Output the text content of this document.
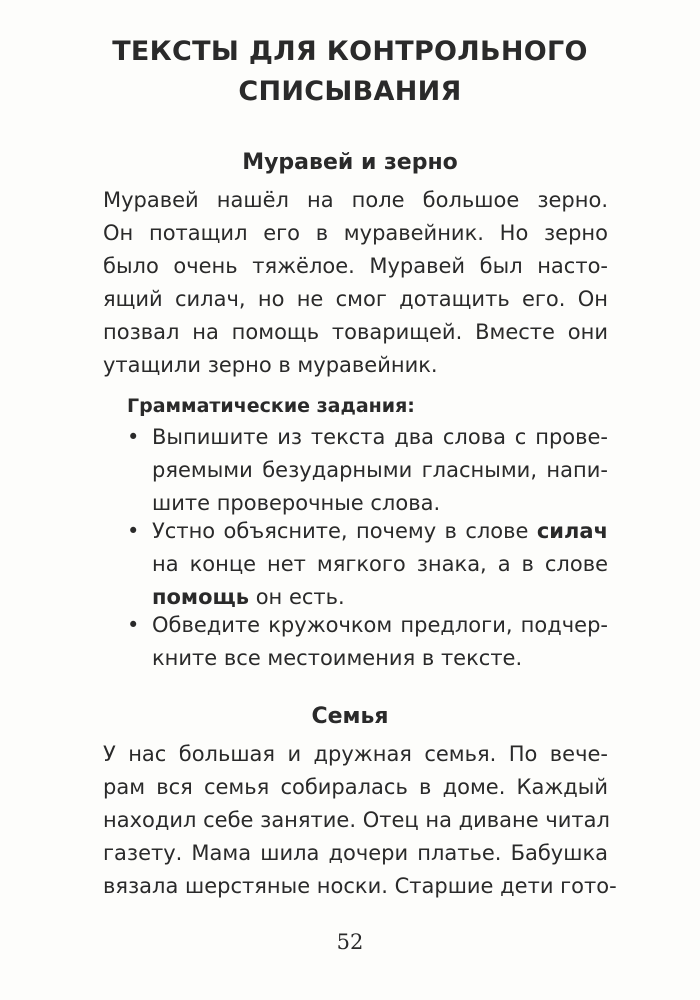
ТЕКСТЫ ДЛЯ КОНТРОЛЬНОГО
СПИСЫВАНИЯ
Муравей и зерно
Муравей нашёл на поле большое зерно.
Он потащил его в муравейник. Но зерно
было очень тяжёлое. Муравей был насто-
ящий силач, но не смог дотащить его. Он
позвал на помощь товарищей. Вместе они
утащили зерно в муравейник.
Грамматические задания:
• Выпишите из текста два слова с прове-
ряемыми безударными гласными, напи-
шите проверочные слова.
• Устно объясните, почему в слове силач
на конце нет мягкого знака, а в слове
помощь он есть.
• Обведите кружочком предлоги, подчер-
кните все местоимения в тексте.
Семья
У нас большая и дружная семья. По вече-
рам вся семья собиралась в доме. Каждый
находил себе занятие. Отец на диване читал
газету. Мама шила дочери платье. Бабушка
вязала шерстяные носки. Старшие дети гото-
52
